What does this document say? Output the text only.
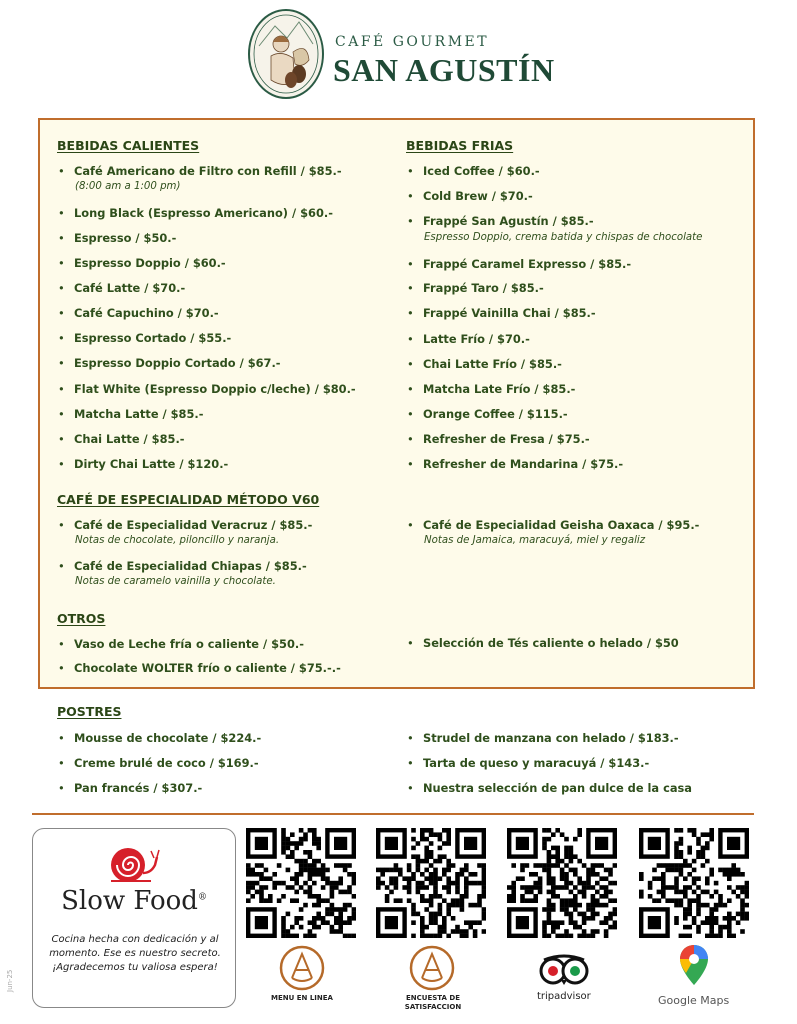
CAFÉ GOURMET
SAN AGUSTÍN
BEBIDAS CALIENTES
• Café Americano de Filtro con Refill / $85.-
(8:00 am a 1:00 pm)
• Long Black (Espresso Americano) / $60.-
• Espresso / $50.-
• Espresso Doppio / $60.-
• Café Latte / $70.-
• Café Capuchino / $70.-
• Espresso Cortado / $55.-
• Espresso Doppio Cortado / $67.-
• Flat White (Espresso Doppio c/leche) / $80.-
• Matcha Latte / $85.-
• Chai Latte / $85.-
• Dirty Chai Latte / $120.-
BEBIDAS FRIAS
• Iced Coffee / $60.-
• Cold Brew / $70.-
• Frappé San Agustín / $85.-
Espresso Doppio, crema batida y chispas de chocolate
• Frappé Caramel Expresso / $85.-
• Frappé Taro / $85.-
• Frappé Vainilla Chai / $85.-
• Latte Frío / $70.-
• Chai Latte Frío / $85.-
• Matcha Late Frío / $85.-
• Orange Coffee / $115.-
• Refresher de Fresa / $75.-
• Refresher de Mandarina / $75.-
CAFÉ DE ESPECIALIDAD MÉTODO V60
• Café de Especialidad Veracruz / $85.-
Notas de chocolate, piloncillo y naranja.
• Café de Especialidad Chiapas / $85.-
Notas de caramelo vainilla y chocolate.
• Café de Especialidad Geisha Oaxaca / $95.-
Notas de Jamaica, maracuyá, miel y regaliz
OTROS
• Vaso de Leche fría o caliente / $50.-
• Chocolate WOLTER frío o caliente / $75.-.-
• Selección de Tés caliente o helado / $50
POSTRES
• Mousse de chocolate / $224.-
• Creme brulé de coco / $169.-
• Pan francés / $307.-
• Strudel de manzana con helado / $183.-
• Tarta de queso y maracuyá / $143.-
• Nuestra selección de pan dulce de la casa
Slow Food®
Cocina hecha con dedicación y al momento. Ese es nuestro secreto. ¡Agradecemos tu valiosa espera!
Jun-25
MENU EN LINEA	ENCUESTA DE SATISFACCION
tripadvisor	Google Maps
